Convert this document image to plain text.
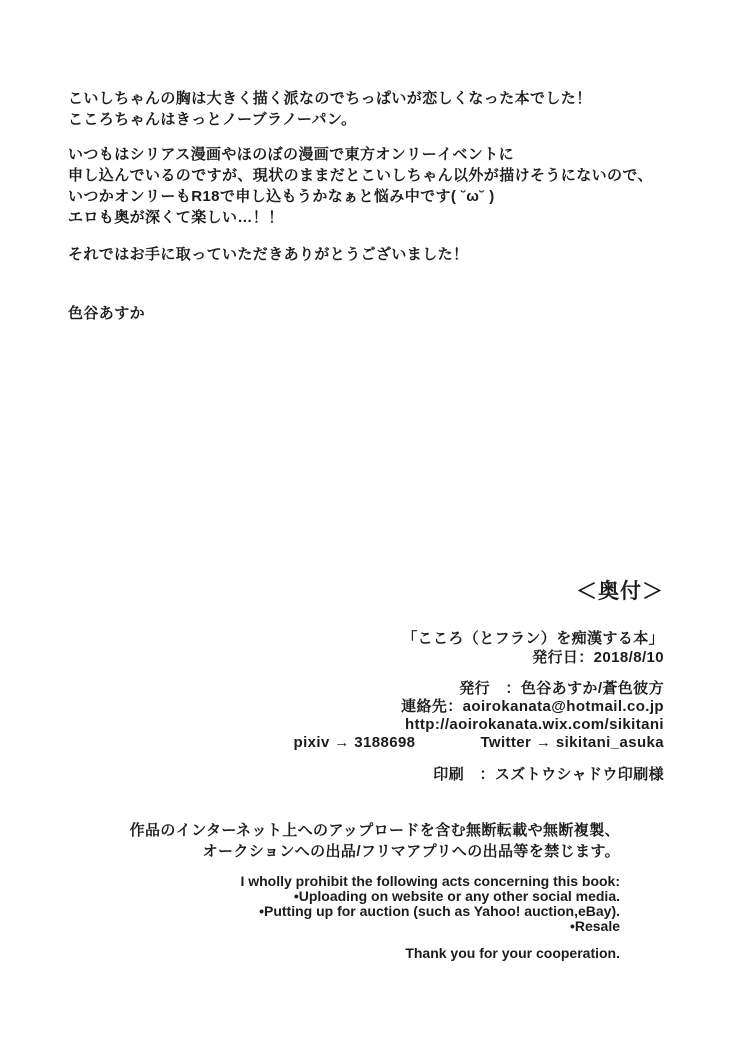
こいしちゃんの胸は大きく描く派なのでちっぱいが恋しくなった本でした！
こころちゃんはきっとノーブラノーパン。
いつもはシリアス漫画やほのぼの漫画で東方オンリーイベントに
申し込んでいるのですが、現状のままだとこいしちゃん以外が描けそうにないので、
いつかオンリーもR18で申し込もうかなぁと悩み中です( ˘ω˘ )
エロも奥が深くて楽しい…！！
それではお手に取っていただきありがとうございました！
色谷あすか
＜奥付＞
「こころ（とフラン）を痴漢する本」
発行日：2018/8/10
発行　：色谷あすか/蒼色彼方
連絡先：aoirokanata@hotmail.co.jp
http://aoirokanata.wix.com/sikitani
pixiv → 3188698	Twitter → sikitani_asuka
印刷　：スズトウシャドウ印刷様
作品のインターネット上へのアップロードを含む無断転載や無断複製、
オークションへの出品/フリマアプリへの出品等を禁じます。
I wholly prohibit the following acts concerning this book:
•Uploading on website or any other social media.
•Putting up for auction (such as Yahoo! auction,eBay).
•Resale
Thank you for your cooperation.
